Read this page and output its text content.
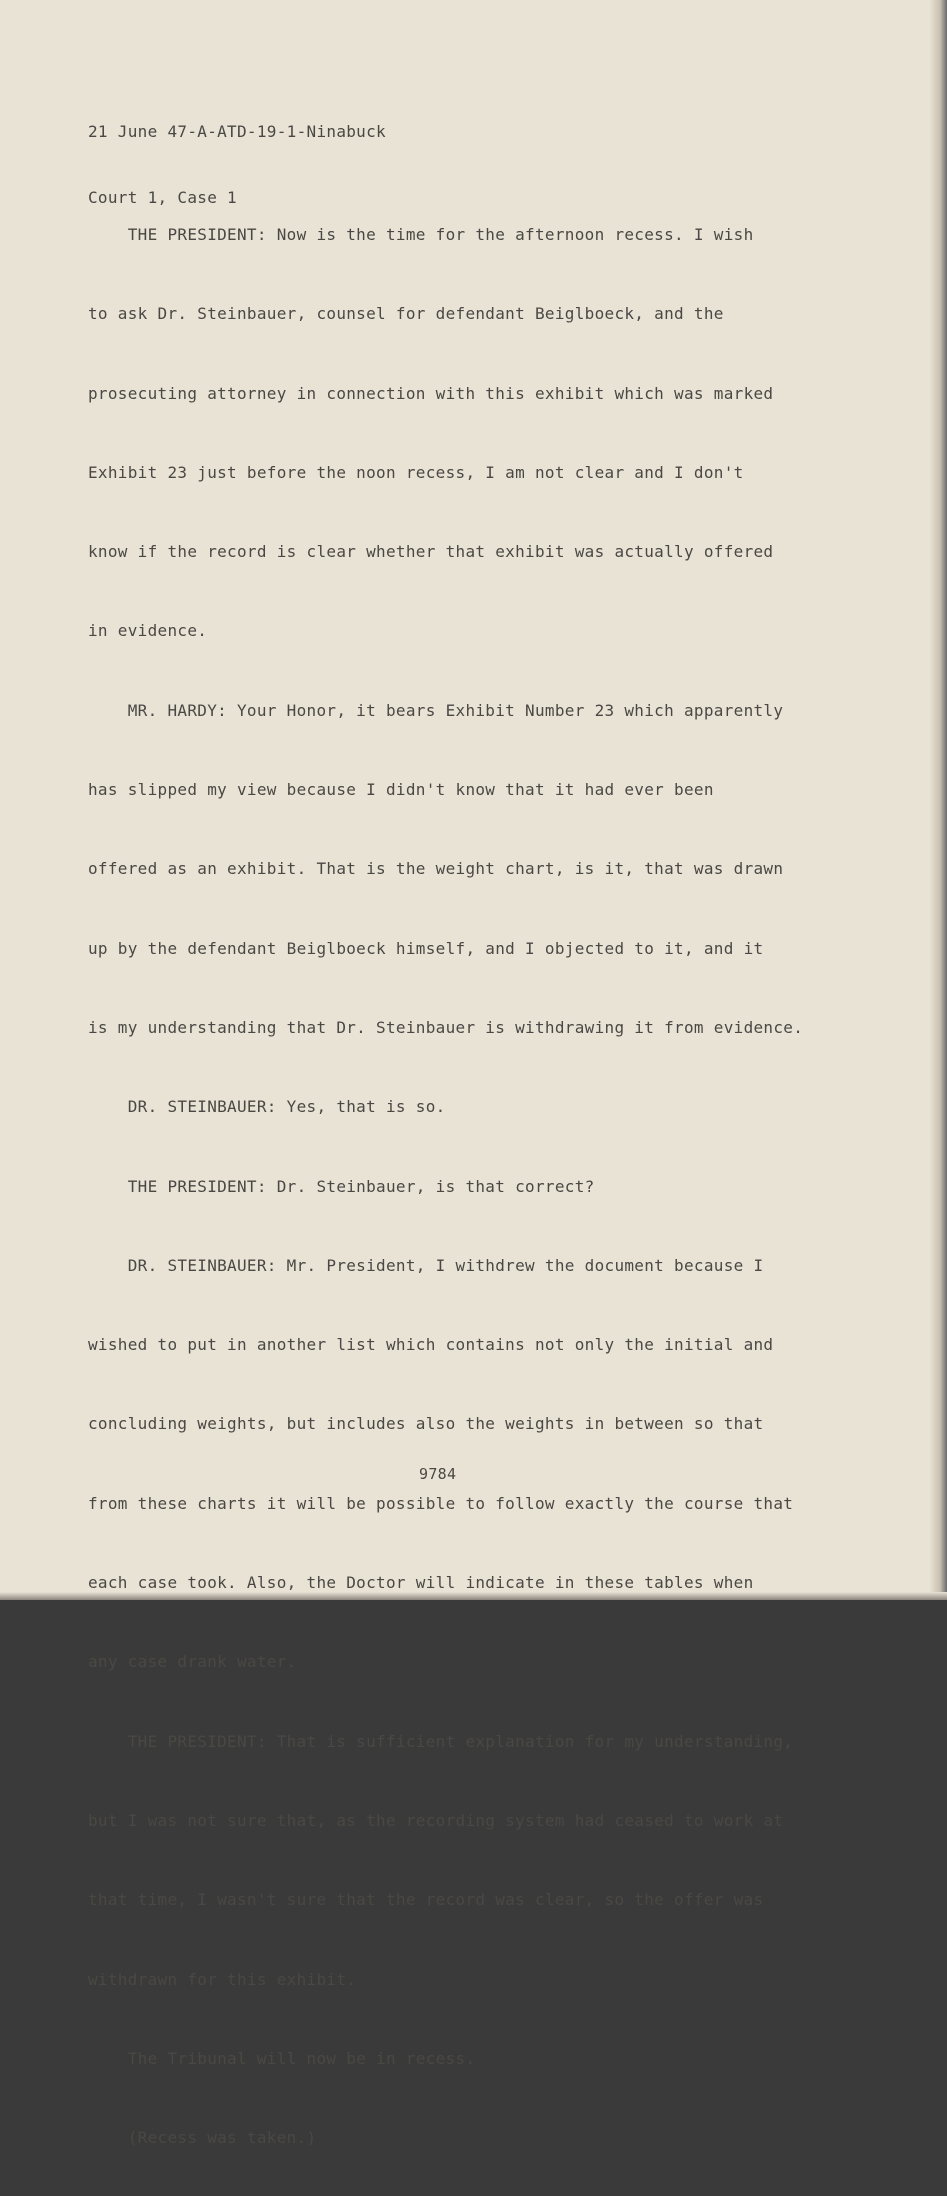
21 June 47-A-ATD-19-1-Ninabuck

Court 1, Case 1

THE PRESIDENT: Now is the time for the afternoon recess. I wish

to ask Dr. Steinbauer, counsel for defendant Beiglboeck, and the

prosecuting attorney in connection with this exhibit which was marked

Exhibit 23 just before the noon recess, I am not clear and I don't

know if the record is clear whether that exhibit was actually offered

in evidence.

MR. HARDY: Your Honor, it bears Exhibit Number 23 which apparently

has slipped my view because I didn't know that it had ever been

offered as an exhibit. That is the weight chart, is it, that was drawn

up by the defendant Beiglboeck himself, and I objected to it, and it

is my understanding that Dr. Steinbauer is withdrawing it from evidence.

DR. STEINBAUER: Yes, that is so.

THE PRESIDENT: Dr. Steinbauer, is that correct?

DR. STEINBAUER: Mr. President, I withdrew the document because I

wished to put in another list which contains not only the initial and

concluding weights, but includes also the weights in between so that

from these charts it will be possible to follow exactly the course that

each case took. Also, the Doctor will indicate in these tables when

any case drank water.

THE PRESIDENT: That is sufficient explanation for my understanding,

but I was not sure that, as the recording system had ceased to work at

that time, I wasn't sure that the record was clear, so the offer was

withdrawn for this exhibit.

The Tribunal will now be in recess.

(Recess was taken.)

9784
